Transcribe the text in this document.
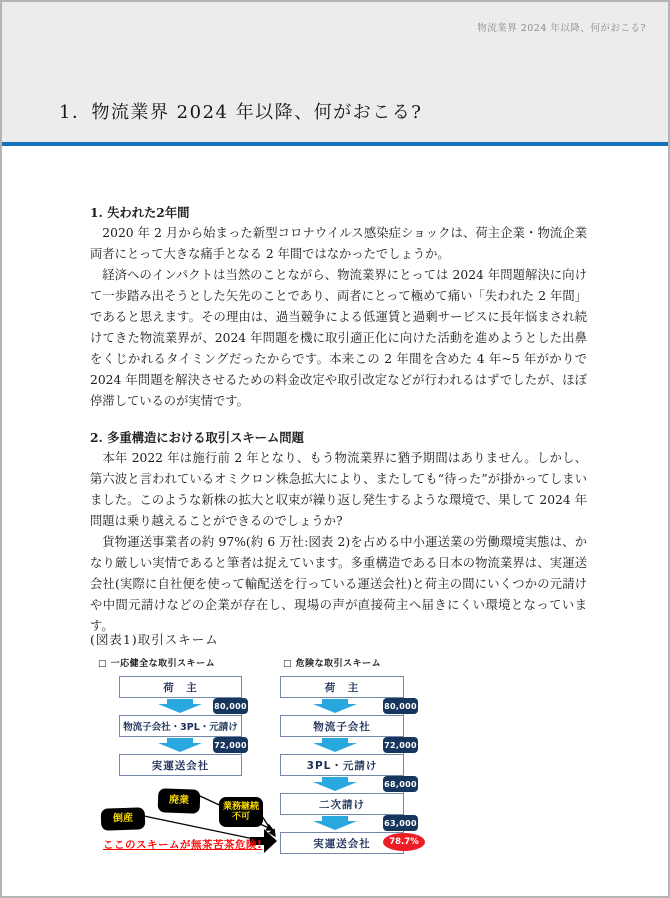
物流業界 2024 年以降、何がおこる?
1．物流業界 2024 年以降、何がおこる?
1. 失われた2年間

2020 年 2 月から始まった新型コロナウイルス感染症ショックは、荷主企業・物流企業両者にとって大きな痛手となる 2 年間ではなかったでしょうか。

経済へのインパクトは当然のことながら、物流業界にとっては 2024 年問題解決に向けて一歩踏み出そうとした矢先のことであり、両者にとって極めて痛い「失われた 2 年間」であると思えます。その理由は、過当競争による低運賃と過剰サービスに長年悩まされ続けてきた物流業界が、2024 年問題を機に取引適正化に向けた活動を進めようとした出鼻をくじかれるタイミングだったからです。本来この 2 年間を含めた 4 年~5 年がかりで 2024 年問題を解決させるための料金改定や取引改定などが行われるはずでしたが、ほぼ停滞しているのが実情です。

2. 多重構造における取引スキーム問題

本年 2022 年は施行前 2 年となり、もう物流業界に猶予期間はありません。しかし、第六波と言われているオミクロン株急拡大により、またしても“待った”が掛かってしまいました。このような新株の拡大と収束が繰り返し発生するような環境で、果して 2024 年問題は乗り越えることができるのでしょうか?

貨物運送事業者の約 97%(約 6 万社:図表 2)を占める中小運送業の労働環境実態は、かなり厳しい実情であると筆者は捉えています。多重構造である日本の物流業界は、実運送会社(実際に自社便を使って輸配送を行っている運送会社)と荷主の間にいくつかの元請けや中間元請けなどの企業が存在し、現場の声が直接荷主へ届きにくい環境となっています。

(図表1)取引スキーム
□ 一応健全な取引スキーム	□ 危険な取引スキーム
荷　主
物流子会社・3PL・元請け
実運送会社
80,000
72,000
荷　主
物流子会社
3PL・元請け
二次請け
実運送会社
80,000
72,000
68,000
63,000
78.7%
倒産
廃業
業務継続不可
ここのスキームが無茶苦茶危険!
